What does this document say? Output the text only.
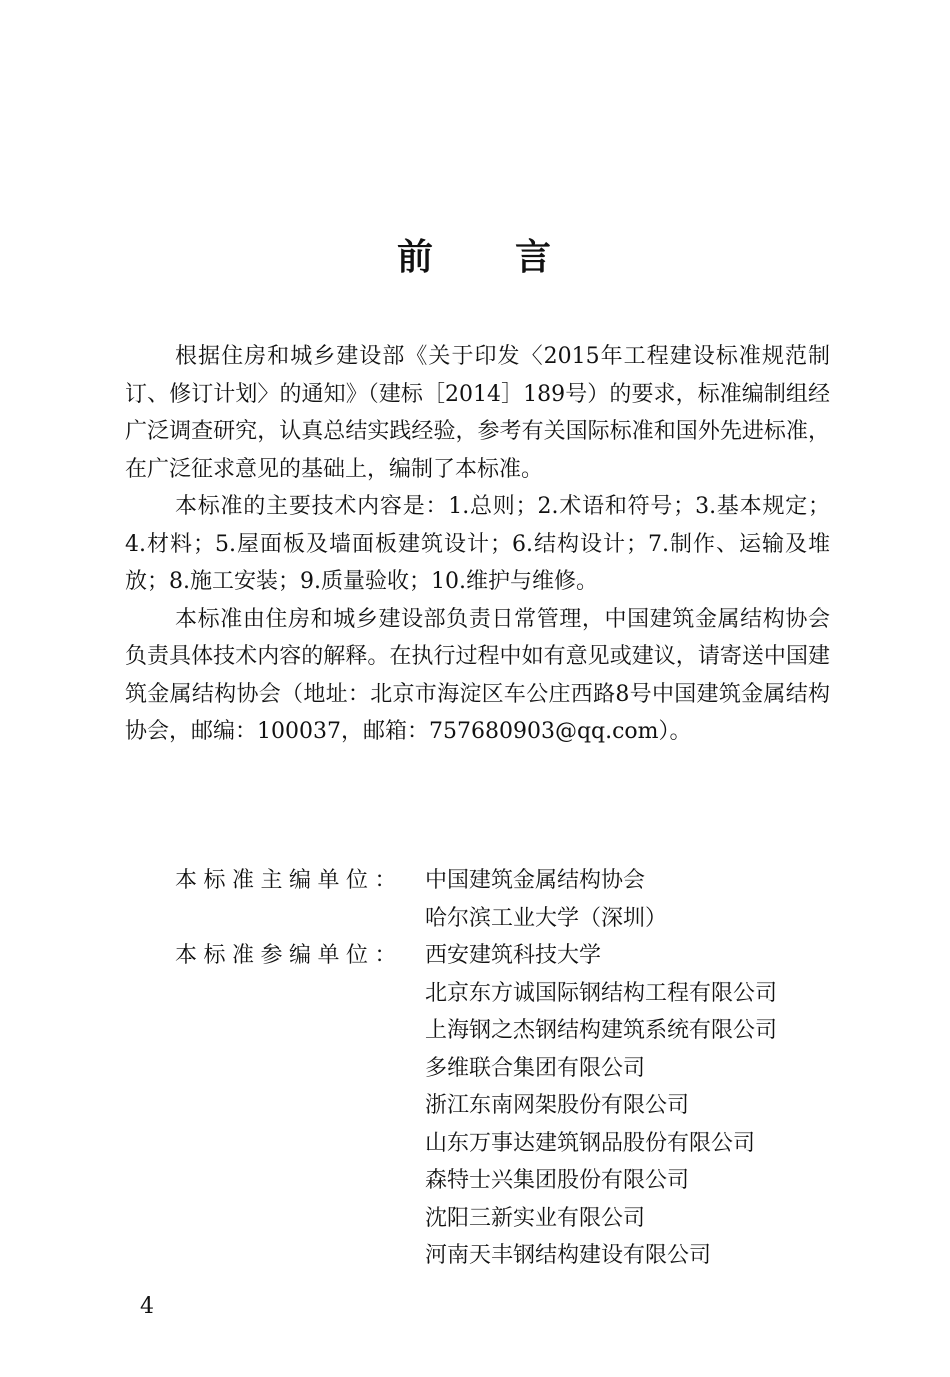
前 言

根据住房和城乡建设部《关于印发〈2015年工程建设标准规范制订、修订计划〉的通知》（建标［2014］189号）的要求，标准编制组经广泛调查研究，认真总结实践经验，参考有关国际标准和国外先进标准，在广泛征求意见的基础上，编制了本标准。

本标准的主要技术内容是：1.总则；2.术语和符号；3.基本规定；4.材料；5.屋面板及墙面板建筑设计；6.结构设计；7.制作、运输及堆放；8.施工安装；9.质量验收；10.维护与维修。

本标准由住房和城乡建设部负责日常管理，中国建筑金属结构协会负责具体技术内容的解释。在执行过程中如有意见或建议，请寄送中国建筑金属结构协会（地址：北京市海淀区车公庄西路8号中国建筑金属结构协会，邮编：100037，邮箱：757680903@qq.com）。

本标准主编单位： 中国建筑金属结构协会
哈尔滨工业大学（深圳）
本标准参编单位： 西安建筑科技大学
北京东方诚国际钢结构工程有限公司
上海钢之杰钢结构建筑系统有限公司
多维联合集团有限公司
浙江东南网架股份有限公司
山东万事达建筑钢品股份有限公司
森特士兴集团股份有限公司
沈阳三新实业有限公司
河南天丰钢结构建设有限公司
4
